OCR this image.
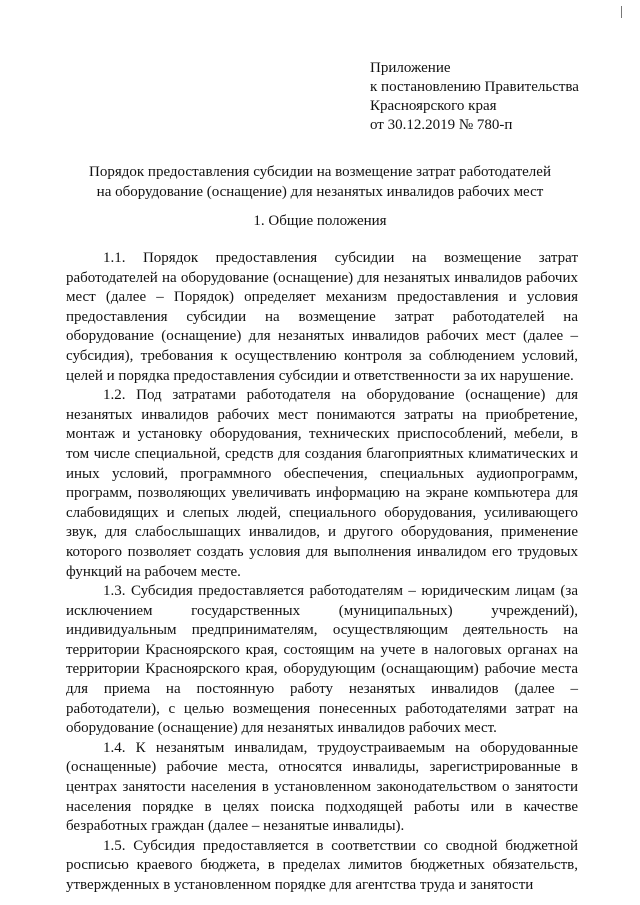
Приложение
к постановлению Правительства
Красноярского края
от 30.12.2019 № 780-п
Порядок предоставления субсидии на возмещение затрат работодателей
на оборудование (оснащение) для незанятых инвалидов рабочих мест
1. Общие положения

1.1. Порядок предоставления субсидии на возмещение затрат работодателей на оборудование (оснащение) для незанятых инвалидов рабочих мест (далее – Порядок) определяет механизм предоставления и условия предоставления субсидии на возмещение затрат работодателей на оборудование (оснащение) для незанятых инвалидов рабочих мест (далее – субсидия), требования к осуществлению контроля за соблюдением условий, целей и порядка предоставления субсидии и ответственности за их нарушение.

1.2. Под затратами работодателя на оборудование (оснащение) для незанятых инвалидов рабочих мест понимаются затраты на приобретение, монтаж и установку оборудования, технических приспособлений, мебели, в том числе специальной, средств для создания благоприятных климатических и иных условий, программного обеспечения, специальных аудиопрограмм, программ, позволяющих увеличивать информацию на экране компьютера для слабовидящих и слепых людей, специального оборудования, усиливающего звук, для слабослышащих инвалидов, и другого оборудования, применение которого позволяет создать условия для выполнения инвалидом его трудовых функций на рабочем месте.

1.3. Субсидия предоставляется работодателям – юридическим лицам (за исключением государственных (муниципальных) учреждений), индивидуальным предпринимателям, осуществляющим деятельность на территории Красноярского края, состоящим на учете в налоговых органах на территории Красноярского края, оборудующим (оснащающим) рабочие места для приема на постоянную работу незанятых инвалидов (далее – работодатели), с целью возмещения понесенных работодателями затрат на оборудование (оснащение) для незанятых инвалидов рабочих мест.

1.4. К незанятым инвалидам, трудоустраиваемым на оборудованные (оснащенные) рабочие места, относятся инвалиды, зарегистрированные в центрах занятости населения в установленном законодательством о занятости населения порядке в целях поиска подходящей работы или в качестве безработных граждан (далее – незанятые инвалиды).

1.5. Субсидия предоставляется в соответствии со сводной бюджетной росписью краевого бюджета, в пределах лимитов бюджетных обязательств, утвержденных в установленном порядке для агентства труда и занятости
